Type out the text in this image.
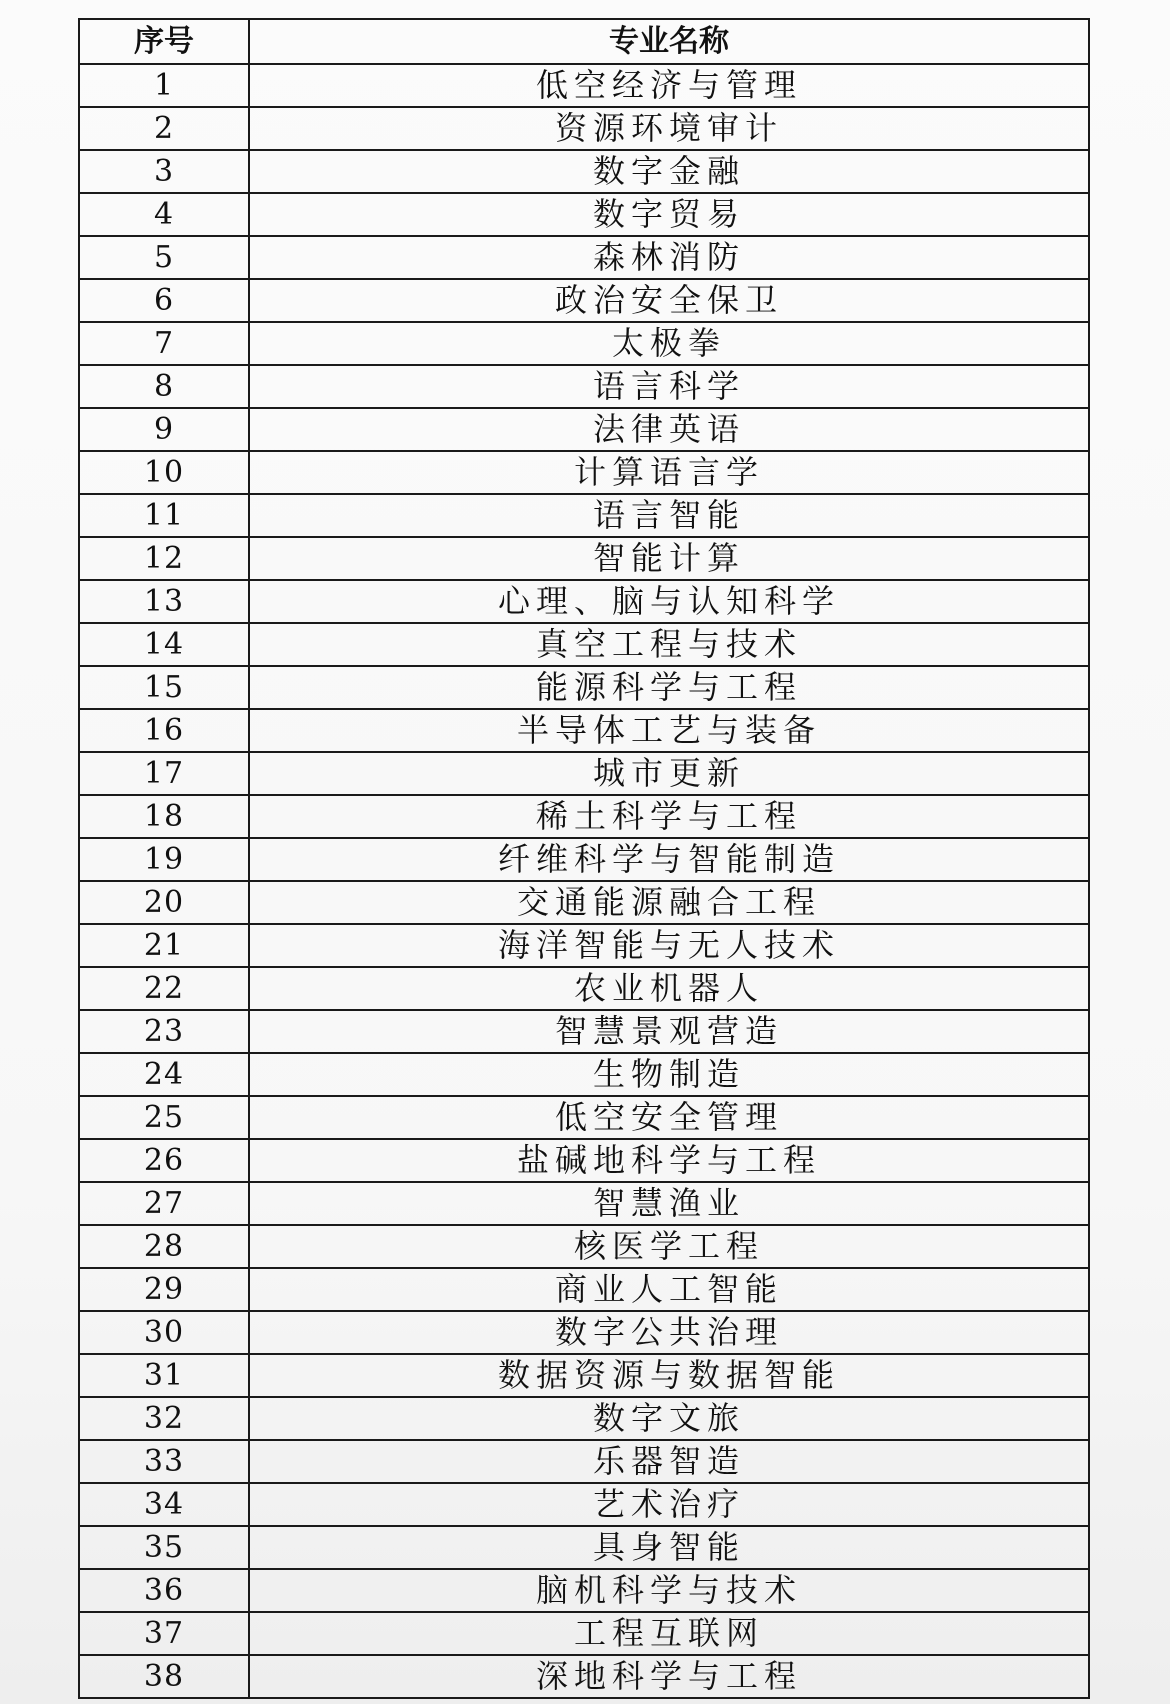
序号	专业名称
1	低空经济与管理
2	资源环境审计
3	数字金融
4	数字贸易
5	森林消防
6	政治安全保卫
7	太极拳
8	语言科学
9	法律英语
10	计算语言学
11	语言智能
12	智能计算
13	心理、脑与认知科学
14	真空工程与技术
15	能源科学与工程
16	半导体工艺与装备
17	城市更新
18	稀土科学与工程
19	纤维科学与智能制造
20	交通能源融合工程
21	海洋智能与无人技术
22	农业机器人
23	智慧景观营造
24	生物制造
25	低空安全管理
26	盐碱地科学与工程
27	智慧渔业
28	核医学工程
29	商业人工智能
30	数字公共治理
31	数据资源与数据智能
32	数字文旅
33	乐器智造
34	艺术治疗
35	具身智能
36	脑机科学与技术
37	工程互联网
38	深地科学与工程
